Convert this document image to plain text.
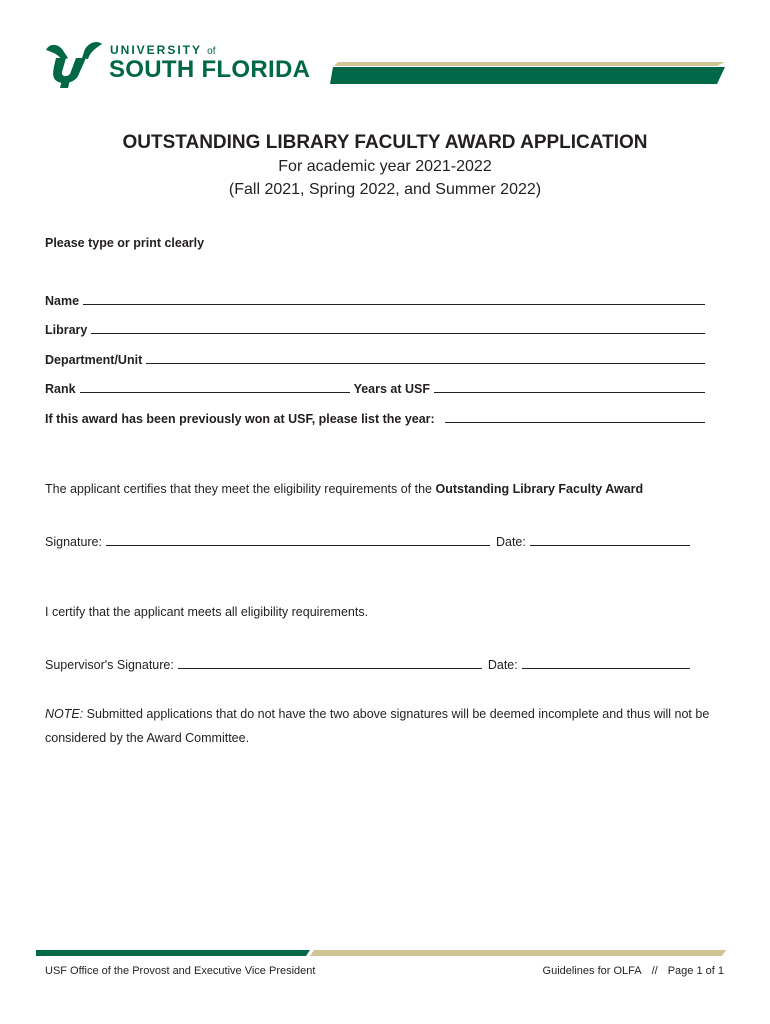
UNIVERSITY of
SOUTH FLORIDA
OUTSTANDING LIBRARY FACULTY AWARD APPLICATION
For academic year 2021-2022
(Fall 2021, Spring 2022, and Summer 2022)
Please type or print clearly
Name
Library
Department/Unit
Rank	Years at USF
If this award has been previously won at USF, please list the year:
The applicant certifies that they meet the eligibility requirements of the Outstanding Library Faculty Award
Signature:	Date:
I certify that the applicant meets all eligibility requirements.
Supervisor's Signature:	Date:
NOTE: Submitted applications that do not have the two above signatures will be deemed incomplete and thus will not be considered by the Award Committee.
USF Office of the Provost and Executive Vice President	Guidelines for OLFA // Page 1 of 1
